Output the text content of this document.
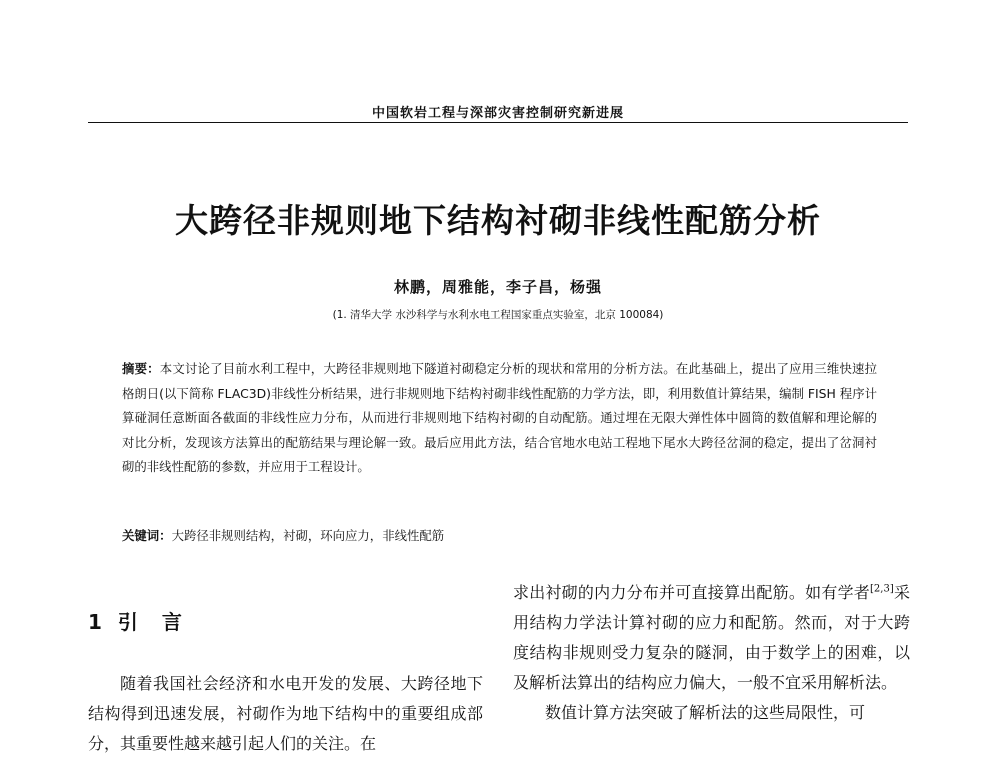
中国软岩工程与深部灾害控制研究新进展
大跨径非规则地下结构衬砌非线性配筋分析
林鹏，周雅能，李子昌，杨强
(1. 清华大学 水沙科学与水利水电工程国家重点实验室，北京 100084)
摘要：本文讨论了目前水利工程中，大跨径非规则地下隧道衬砌稳定分析的现状和常用的分析方法。在此基础上，提出了应用三维快速拉格朗日(以下简称 FLAC3D)非线性分析结果，进行非规则地下结构衬砌非线性配筋的力学方法，即，利用数值计算结果，编制 FISH 程序计算碰洞任意断面各截面的非线性应力分布，从而进行非规则地下结构衬砌的自动配筋。通过埋在无限大弹性体中圆筒的数值解和理论解的对比分析，发现该方法算出的配筋结果与理论解一致。最后应用此方法，结合官地水电站工程地下尾水大跨径岔洞的稳定，提出了岔洞衬砌的非线性配筋的参数，并应用于工程设计。
关键词：大跨径非规则结构，衬砌，环向应力，非线性配筋
1 引　言

随着我国社会经济和水电开发的发展、大跨径地下结构得到迅速发展，衬砌作为地下结构中的重要组成部分，其重要性越来越引起人们的关注。在

求出衬砌的内力分布并可直接算出配筋。如有学者[2,3]采用结构力学法计算衬砌的应力和配筋。然而，对于大跨度结构非规则受力复杂的隧洞，由于数学上的困难，以及解析法算出的结构应力偏大，一般不宜采用解析法。

数值计算方法突破了解析法的这些局限性，可
